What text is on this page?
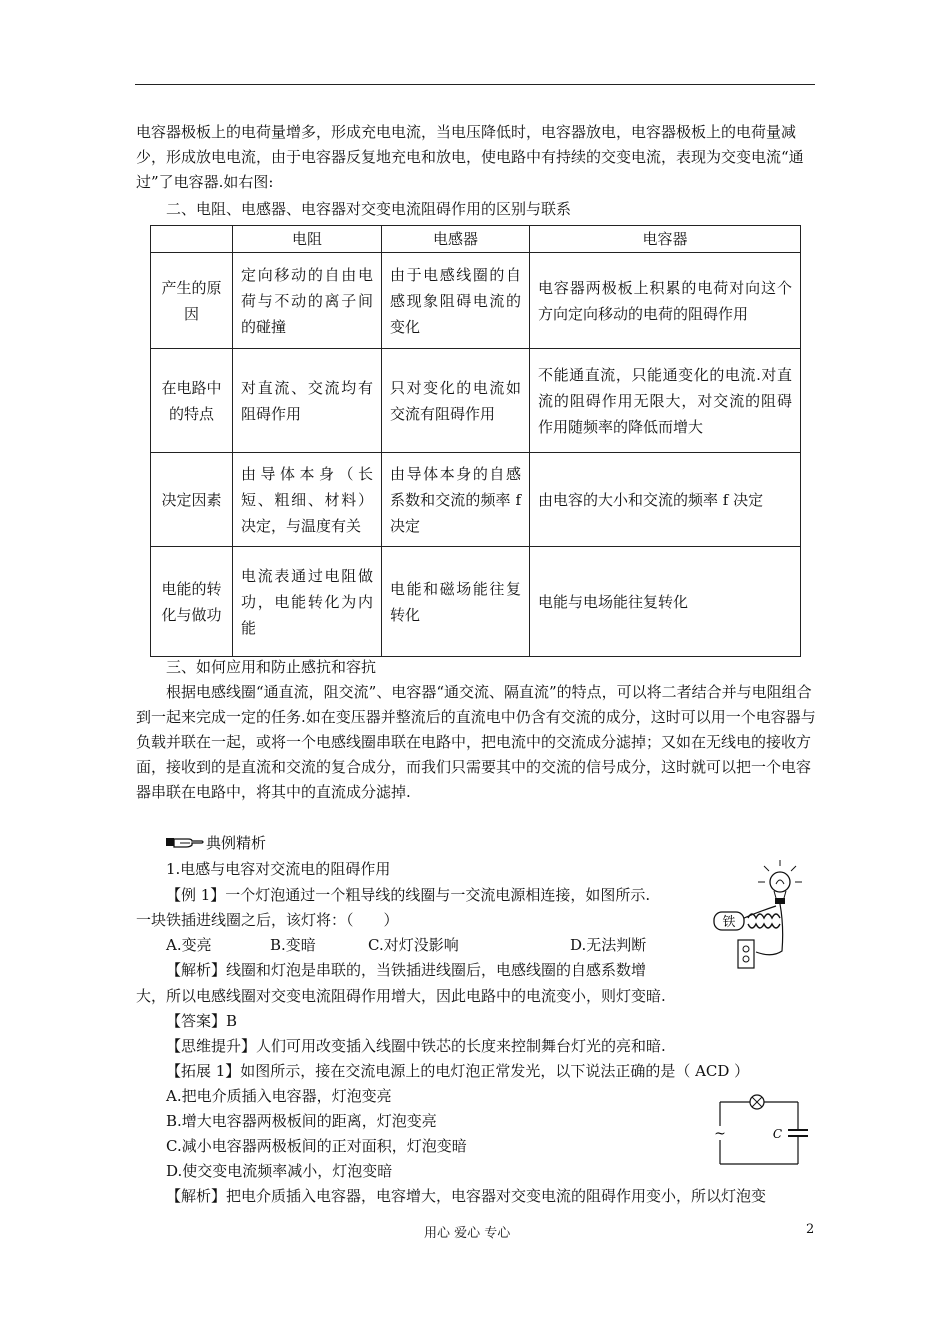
电容器极板上的电荷量增多，形成充电电流，当电压降低时，电容器放电，电容器极板上的电荷量减少，形成放电电流，由于电容器反复地充电和放电，使电路中有持续的交变电流，表现为交变电流“通过”了电容器.如右图:

二、电阻、电感器、电容器对交变电流阻碍作用的区别与联系

	电阻	电感器	电容器
产生的原因	定向移动的自由电荷与不动的离子间的碰撞	由于电感线圈的自感现象阻碍电流的变化	电容器两极板上积累的电荷对向这个方向定向移动的电荷的阻碍作用
在电路中的特点	对直流、交流均有阻碍作用	只对变化的电流如交流有阻碍作用	不能通直流，只能通变化的电流.对直流的阻碍作用无限大，对交流的阻碍作用随频率的降低而增大
决定因素	由导体本身（长短、粗细、材料）决定，与温度有关	由导体本身的自感系数和交流的频率 f 决定	由电容的大小和交流的频率 f 决定
电能的转化与做功	电流表通过电阻做功，电能转化为内能	电能和磁场能往复转化	电能与电场能往复转化

三、如何应用和防止感抗和容抗

根据电感线圈“通直流，阻交流”、电容器“通交流、隔直流”的特点，可以将二者结合并与电阻组合到一起来完成一定的任务.如在变压器并整流后的直流电中仍含有交流的成分，这时可以用一个电容器与负载并联在一起，或将一个电感线圈串联在电路中，把电流中的交流成分滤掉；又如在无线电的接收方面，接收到的是直流和交流的复合成分，而我们只需要其中的交流的信号成分，这时就可以把一个电容器串联在电路中，将其中的直流成分滤掉.

典例精析
1.电感与电容对交流电的阻碍作用
【例 1】一个灯泡通过一个粗导线的线圈与一交流电源相连接，如图所示.
一块铁插进线圈之后，该灯将：（　　）
A.变亮	B.变暗	C.对灯没影响	D.无法判断
【解析】线圈和灯泡是串联的，当铁插进线圈后，电感线圈的自感系数增
大，所以电感线圈对交变电流阻碍作用增大，因此电路中的电流变小，则灯变暗.
【答案】B
【思维提升】人们可用改变插入线圈中铁芯的长度来控制舞台灯光的亮和暗.
【拓展 1】如图所示，接在交流电源上的电灯泡正常发光，以下说法正确的是（ ACD ）
A.把电介质插入电容器，灯泡变亮
B.增大电容器两极板间的距离，灯泡变亮
C.减小电容器两极板间的正对面积，灯泡变暗
D.使交变电流频率减小，灯泡变暗
【解析】把电介质插入电容器，电容增大，电容器对交变电流的阻碍作用变小，所以灯泡变
铁
~	C
用心 爱心 专心	2
